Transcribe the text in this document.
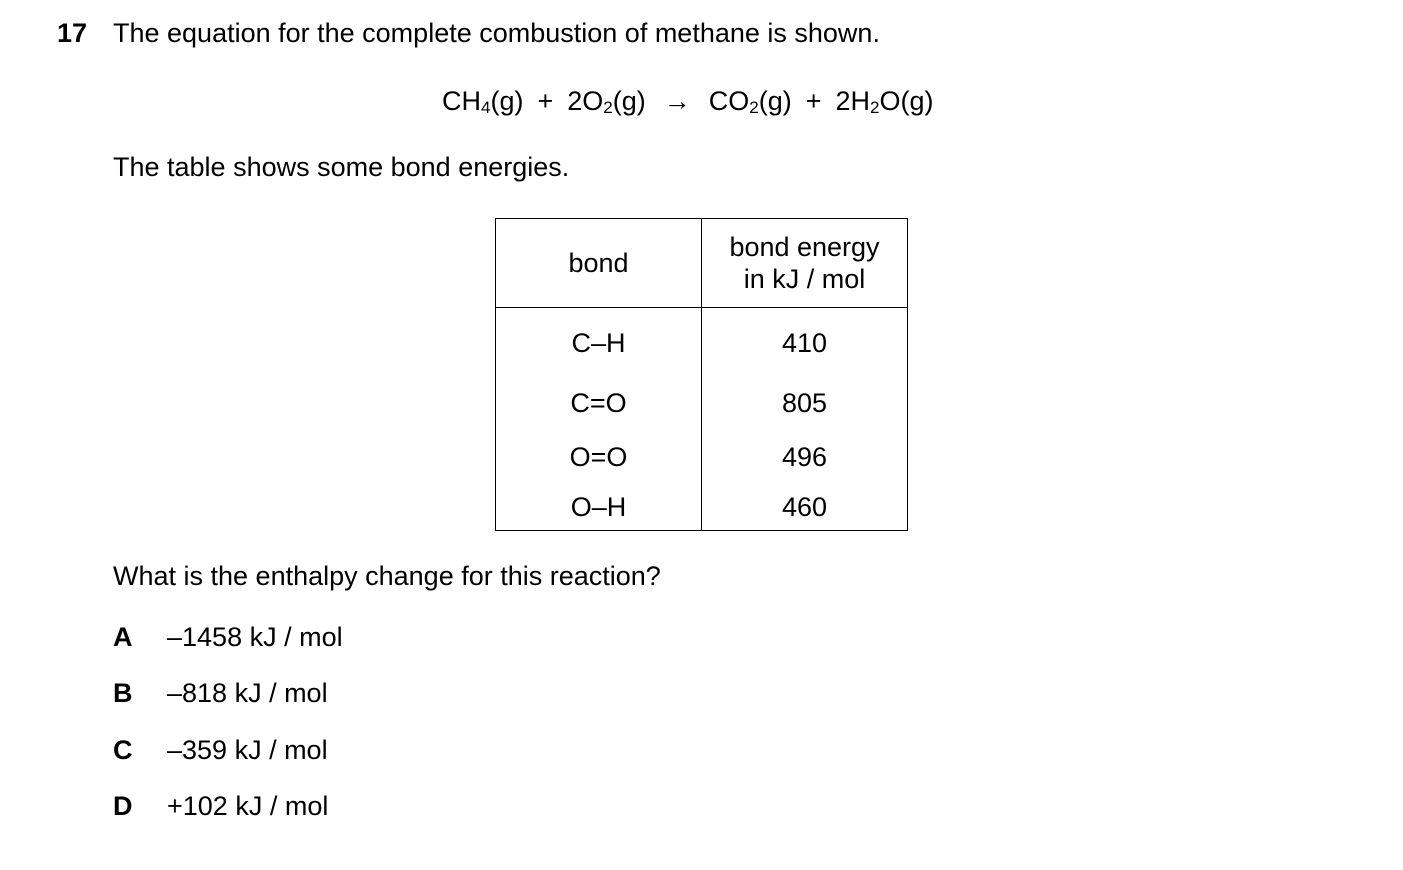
17 The equation for the complete combustion of methane is shown.
$CH_4(g) + 2O_2(g) \to CO_2(g) + 2H_2O(g)$
The table shows some bond energies.
bond	bond energy
in kJ / mol

C–H	410
C=O	805
O=O	496
O–H	460
What is the enthalpy change for this reaction?
A –1458 kJ / mol
B –818 kJ / mol
C –359 kJ / mol
D +102 kJ / mol
